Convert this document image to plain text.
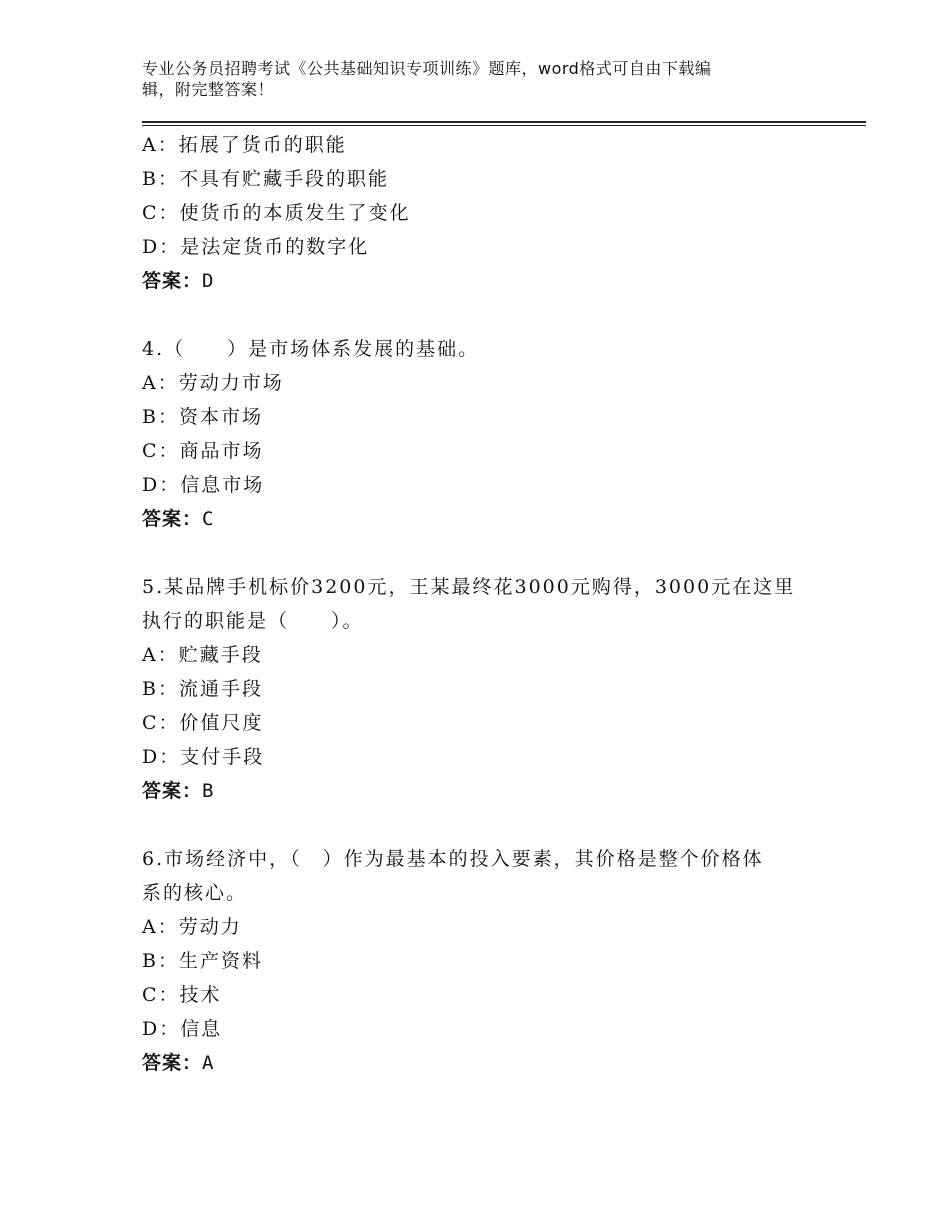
专业公务员招聘考试《公共基础知识专项训练》题库，word格式可自由下载编
辑，附完整答案！
A：拓展了货币的职能
B：不具有贮藏手段的职能
C：使货币的本质发生了变化
D：是法定货币的数字化
答案：D
4.（　　）是市场体系发展的基础。
A：劳动力市场
B：资本市场
C：商品市场
D：信息市场
答案：C
5.某品牌手机标价3200元，王某最终花3000元购得，3000元在这里
执行的职能是（　　）。
A：贮藏手段
B：流通手段
C：价值尺度
D：支付手段
答案：B
6.市场经济中，（　）作为最基本的投入要素，其价格是整个价格体
系的核心。
A：劳动力
B：生产资料
C：技术
D：信息
答案：A
